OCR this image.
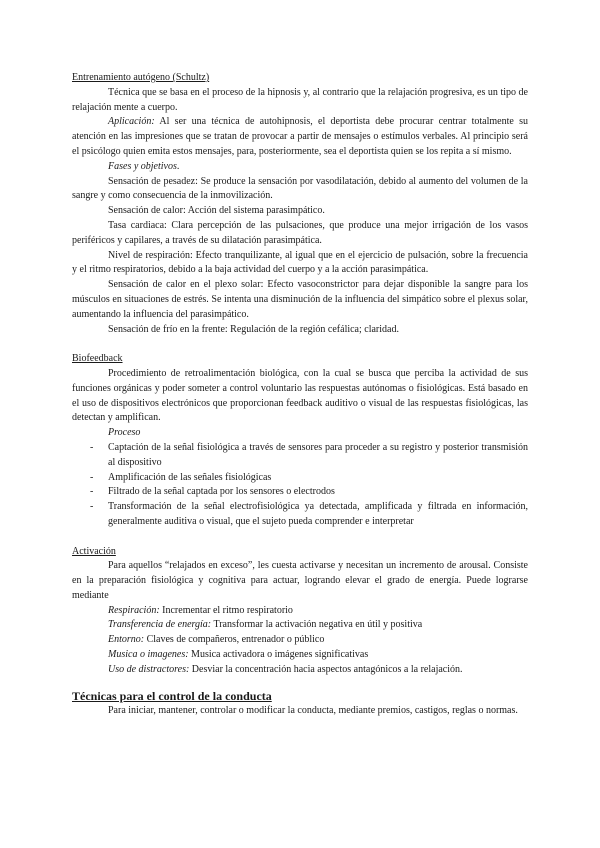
Entrenamiento autógeno (Schultz)

Técnica que se basa en el proceso de la hipnosis y, al contrario que la relajación progresiva, es un tipo de relajación mente a cuerpo.

Aplicación: Al ser una técnica de autohipnosis, el deportista debe procurar centrar totalmente su atención en las impresiones que se tratan de provocar a partir de mensajes o estímulos verbales. Al principio será el psicólogo quien emita estos mensajes, para, posteriormente, sea el deportista quien se los repita a sí mismo.

Fases y objetivos.

Sensación de pesadez: Se produce la sensación por vasodilatación, debido al aumento del volumen de la sangre y como consecuencia de la inmovilización.

Sensación de calor: Acción del sistema parasimpático.

Tasa cardiaca: Clara percepción de las pulsaciones, que produce una mejor irrigación de los vasos periféricos y capilares, a través de su dilatación parasimpática.

Nivel de respiración: Efecto tranquilizante, al igual que en el ejercicio de pulsación, sobre la frecuencia y el ritmo respiratorios, debido a la baja actividad del cuerpo y a la acción parasimpática.

Sensación de calor en el plexo solar: Efecto vasoconstrictor para dejar disponible la sangre para los músculos en situaciones de estrés. Se intenta una disminución de la influencia del simpático sobre el plexus solar, aumentando la influencia del parasimpático.

Sensación de frío en la frente: Regulación de la región cefálica; claridad.

Biofeedback

Procedimiento de retroalimentación biológica, con la cual se busca que perciba la actividad de sus funciones orgánicas y poder someter a control voluntario las respuestas autónomas o fisiológicas. Está basado en el uso de dispositivos electrónicos que proporcionan feedback auditivo o visual de las respuestas fisiológicas, las detectan y amplifican.

Proceso

- Captación de la señal fisiológica a través de sensores para proceder a su registro y posterior transmisión al dispositivo
- Amplificación de las señales fisiológicas
- Filtrado de la señal captada por los sensores o electrodos
- Transformación de la señal electrofisiológica ya detectada, amplificada y filtrada en información, generalmente auditiva o visual, que el sujeto pueda comprender e interpretar
Activación

Para aquellos “relajados en exceso”, les cuesta activarse y necesitan un incremento de arousal. Consiste en la preparación fisiológica y cognitiva para actuar, logrando elevar el grado de energía. Puede lograrse mediante

Respiración: Incrementar el ritmo respiratorio

Transferencia de energía: Transformar la activación negativa en útil y positiva

Entorno: Claves de compañeros, entrenador o público

Musica o imagenes: Musica activadora o imágenes significativas

Uso de distractores: Desviar la concentración hacia aspectos antagónicos a la relajación.

Técnicas para el control de la conducta

Para iniciar, mantener, controlar o modificar la conducta, mediante premios, castigos, reglas o normas.
